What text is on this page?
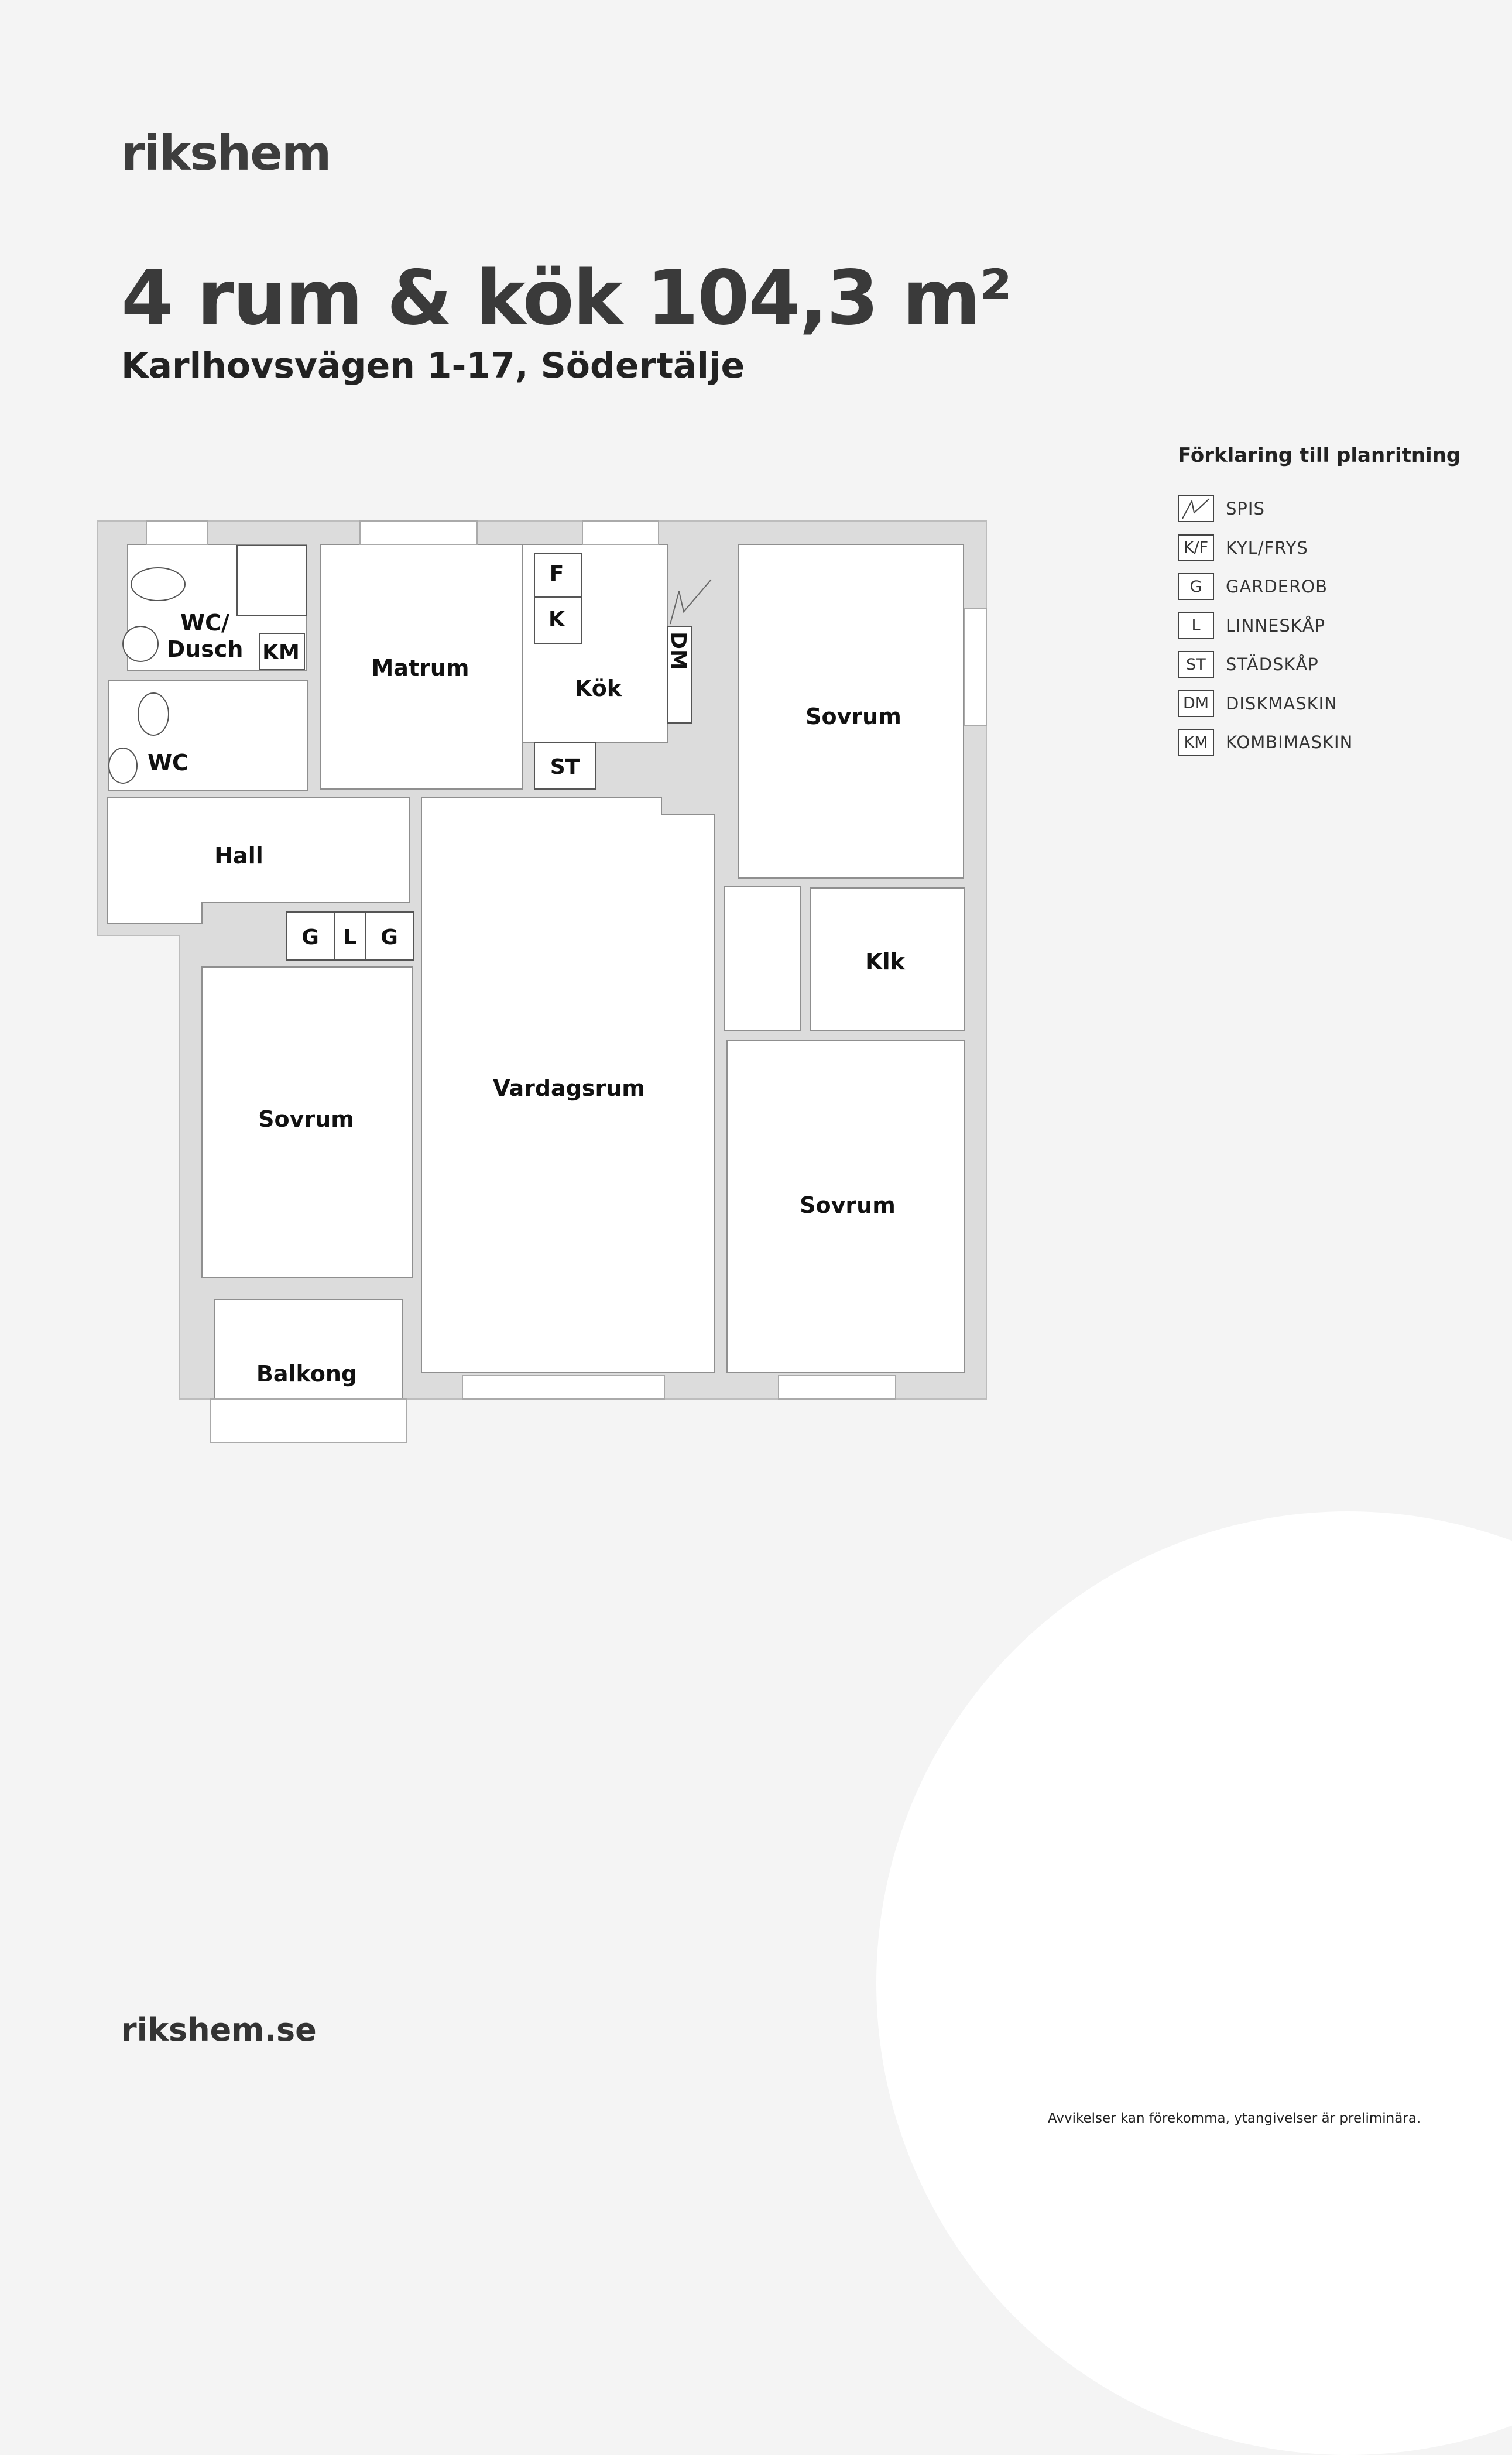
rikshem
4 rum & kök 104,3 m²
Karlhovsvägen 1-17, Södertälje
Förklaring till planritning
SPIS
K/F	KYL/FRYS
G	GARDEROB
L	LINNESKÅP
ST	STÄDSKÅP
DM DISKMASKIN
KM	KOMBIMASKIN
WC/
Dusch KM
WC
Matrum
Kök
F
K
ST
DM
Sovrum
Hall
G L G
Klk
Sovrum
Vardagsrum
Sovrum
Balkong
rikshem.se
Avvikelser kan förekomma, ytangivelser är preliminära.
